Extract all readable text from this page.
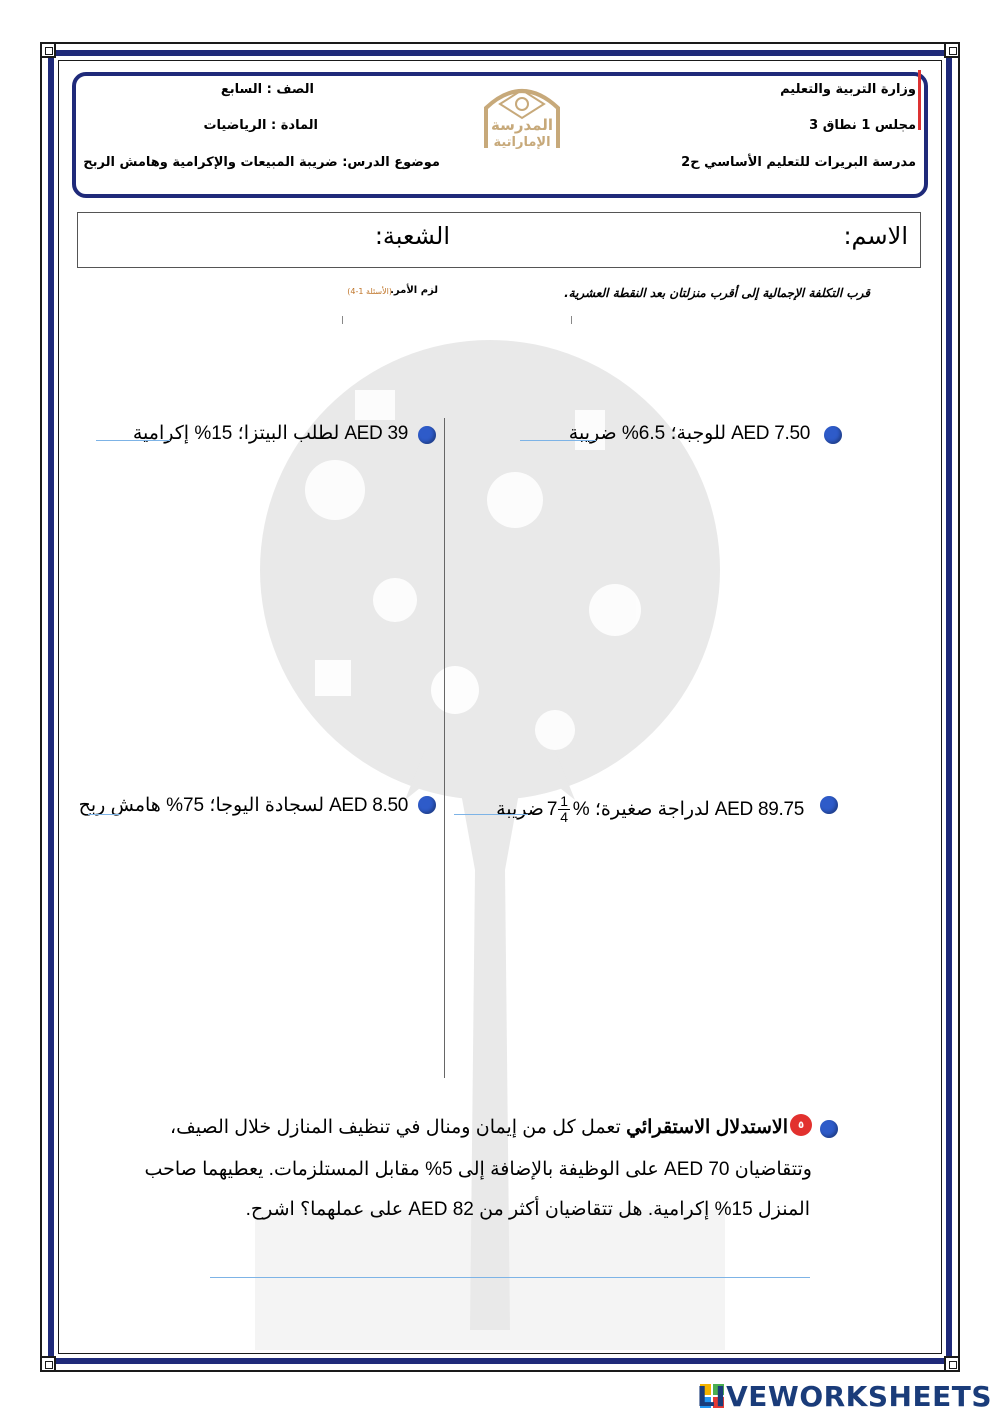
وزارة التربية والتعليم
مجلس 1 نطاق 3
مدرسة البريرات للتعليم الأساسي ح2
الصف : السابع
المادة : الرياضيات
موضوع الدرس: ضريبة المبيعات والإكرامية وهامش الربح
المدرسة
الإماراتية
الاسم:
الشعبة:
قرب التكلفة الإجمالية إلى أقرب منزلتان بعد النقطة العشرية.
لزم الأمر.
(الأسئلة 1-4)
AED 7.50 للوجبة؛ 6.5% ضريبة
AED 39 لطلب البيتزا؛ 15% إكرامية
AED 89.75 لدراجة صغيرة؛ %
$7 \frac{1}{4}$
ضريبة
AED 8.50 لسجادة اليوجا؛ 75% هامش ربح
٥
الاستدلال الاستقرائي تعمل كل من إيمان ومنال في تنظيف المنازل خلال الصيف،
وتتقاضيان AED 70 على الوظيفة بالإضافة إلى 5% مقابل المستلزمات. يعطيهما صاحب
المنزل 15% إكرامية. هل تتقاضيان أكثر من AED 82 على عملهما؟ اشرح.
LIVEWORKSHEETS
